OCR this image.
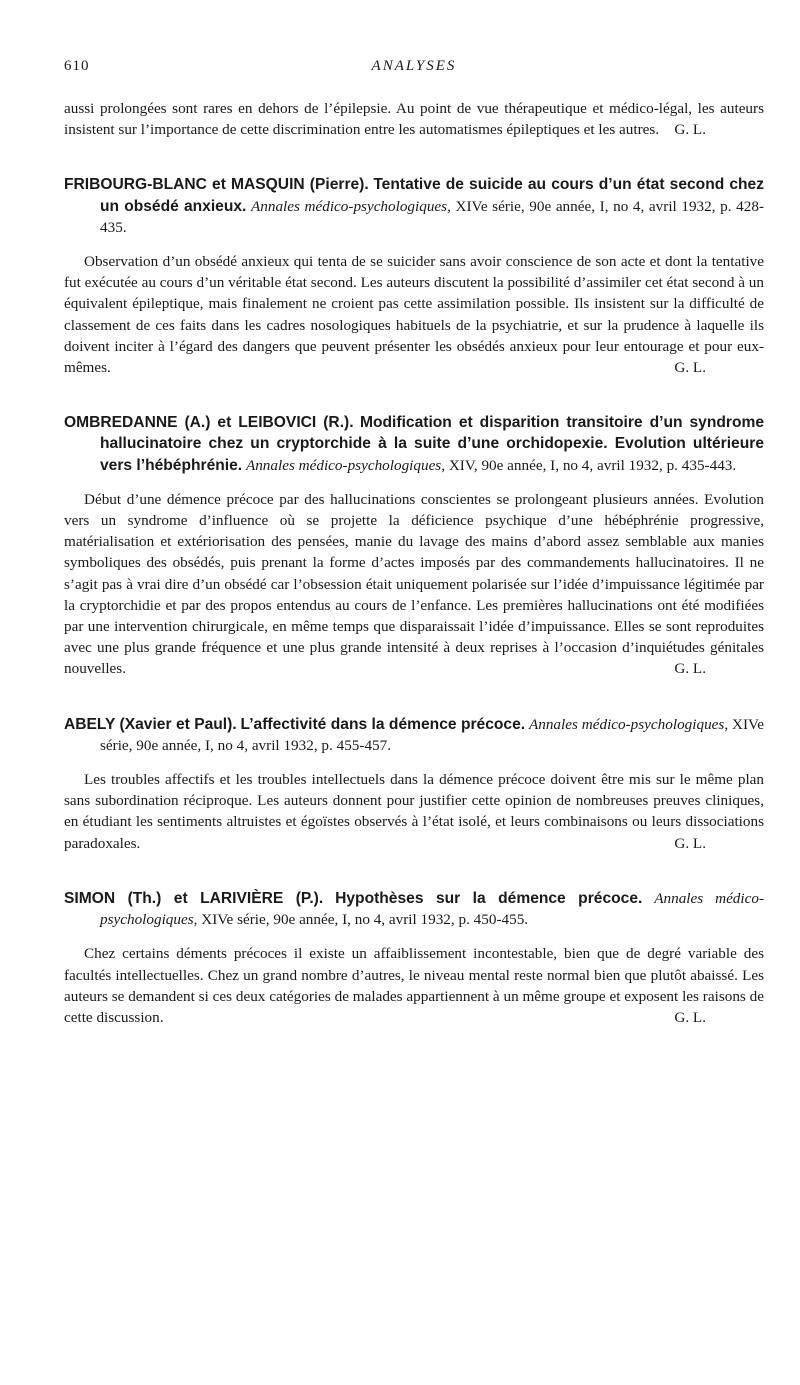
610	ANALYSES

aussi prolongées sont rares en dehors de l’épilepsie. Au point de vue thérapeutique et médico-légal, les auteurs insistent sur l’importance de cette discrimination entre les automatismes épileptiques et les autres. G. L.

FRIBOURG-BLANC et MASQUIN (Pierre). Tentative de suicide au cours d’un état second chez un obsédé anxieux. Annales médico-psychologiques, XIVe série, 90e année, I, no 4, avril 1932, p. 428-435.

Observation d’un obsédé anxieux qui tenta de se suicider sans avoir conscience de son acte et dont la tentative fut exécutée au cours d’un véritable état second. Les auteurs discutent la possibilité d’assimiler cet état second à un équivalent épileptique, mais finalement ne croient pas cette assimilation possible. Ils insistent sur la difficulté de classement de ces faits dans les cadres nosologiques habituels de la psychiatrie, et sur la prudence à laquelle ils doivent inciter à l’égard des dangers que peuvent présenter les obsédés anxieux pour leur entourage et pour eux-mêmes.	G. L.

OMBREDANNE (A.) et LEIBOVICI (R.). Modification et disparition transitoire d’un syndrome hallucinatoire chez un cryptorchide à la suite d’une orchidopexie. Evolution ultérieure vers l’hébéphrénie. Annales médico-psychologiques, XIV, 90e année, I, no 4, avril 1932, p. 435-443.

Début d’une démence précoce par des hallucinations conscientes se prolongeant plusieurs années. Evolution vers un syndrome d’influence où se projette la déficience psychique d’une hébéphrénie progressive, matérialisation et extériorisation des pensées, manie du lavage des mains d’abord assez semblable aux manies symboliques des obsédés, puis prenant la forme d’actes imposés par des commandements hallucinatoires. Il ne s’agit pas à vrai dire d’un obsédé car l’obsession était uniquement polarisée sur l’idée d’impuissance légitimée par la cryptorchidie et par des propos entendus au cours de l’enfance. Les premières hallucinations ont été modifiées par une intervention chirurgicale, en même temps que disparaissait l’idée d’impuissance. Elles se sont reproduites avec une plus grande fréquence et une plus grande intensité à deux reprises à l’occasion d’inquiétudes génitales nouvelles.	G. L.

ABELY (Xavier et Paul). L’affectivité dans la démence précoce. Annales médico-psychologiques, XIVe série, 90e année, I, no 4, avril 1932, p. 455-457.

Les troubles affectifs et les troubles intellectuels dans la démence précoce doivent être mis sur le même plan sans subordination réciproque. Les auteurs donnent pour justifier cette opinion de nombreuses preuves cliniques, en étudiant les sentiments altruistes et égoïstes observés à l’état isolé, et leurs combinaisons ou leurs dissociations paradoxales.	G. L.

SIMON (Th.) et LARIVIÈRE (P.). Hypothèses sur la démence précoce. Annales médico-psychologiques, XIVe série, 90e année, I, no 4, avril 1932, p. 450-455.

Chez certains déments précoces il existe un affaiblissement incontestable, bien que de degré variable des facultés intellectuelles. Chez un grand nombre d’autres, le niveau mental reste normal bien que plutôt abaissé. Les auteurs se demandent si ces deux catégories de malades appartiennent à un même groupe et exposent les raisons de cette discussion.	G. L.
